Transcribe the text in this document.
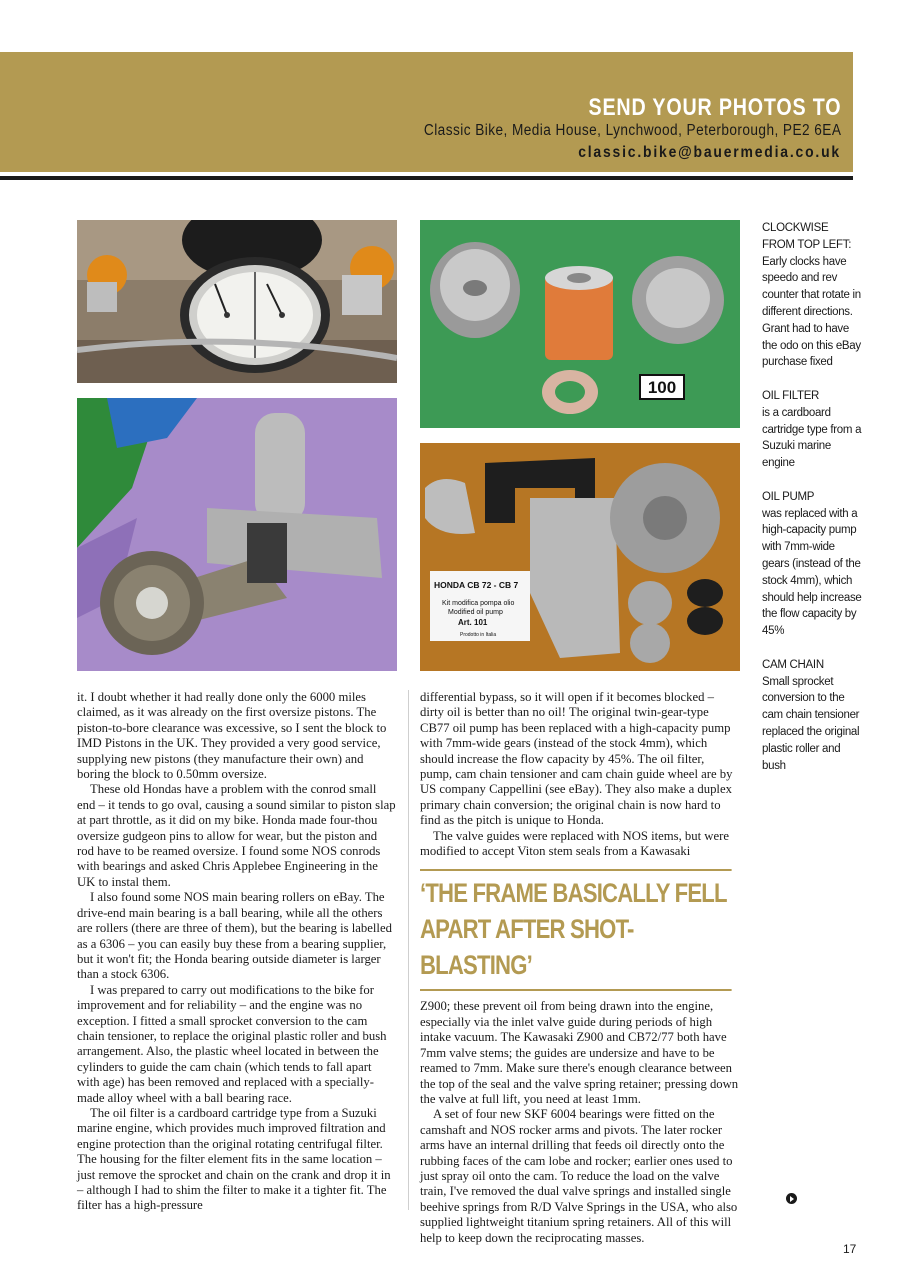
SEND YOUR PHOTOS TO
Classic Bike, Media House, Lynchwood, Peterborough, PE2 6EA
classic.bike@bauermedia.co.uk
100
HONDA CB 72 - CB 7
Kit modifica pompa olio
Modified oil pump
Art. 101
Prodotto in Italia
CLOCKWISE FROM TOP LEFT:
Early clocks have speedo and rev counter that rotate in different directions. Grant had to have the odo on this eBay purchase fixed
OIL FILTER
is a cardboard cartridge type from a Suzuki marine engine
OIL PUMP
was replaced with a high-capacity pump with 7mm-wide gears (instead of the stock 4mm), which should help increase the flow capacity by 45%
CAM CHAIN
Small sprocket conversion to the cam chain tensioner replaced the original plastic roller and bush

it. I doubt whether it had really done only the 6000 miles claimed, as it was already on the first oversize pistons. The piston-to-bore clearance was excessive, so I sent the block to IMD Pistons in the UK. They provided a very good service, supplying new pistons (they manufacture their own) and boring the block to 0.50mm oversize.

These old Hondas have a problem with the conrod small end – it tends to go oval, causing a sound similar to piston slap at part throttle, as it did on my bike. Honda made four-thou oversize gudgeon pins to allow for wear, but the piston and rod have to be reamed oversize. I found some NOS conrods with bearings and asked Chris Applebee Engineering in the UK to instal them.

I also found some NOS main bearing rollers on eBay. The drive-end main bearing is a ball bearing, while all the others are rollers (there are three of them), but the bearing is labelled as a 6306 – you can easily buy these from a bearing supplier, but it won't fit; the Honda bearing outside diameter is larger than a stock 6306.

I was prepared to carry out modifications to the bike for improvement and for reliability – and the engine was no exception. I fitted a small sprocket conversion to the cam chain tensioner, to replace the original plastic roller and bush arrangement. Also, the plastic wheel located in between the cylinders to guide the cam chain (which tends to fall apart with age) has been removed and replaced with a specially-made alloy wheel with a ball bearing race.

The oil filter is a cardboard cartridge type from a Suzuki marine engine, which provides much improved filtration and engine protection than the original rotating centrifugal filter. The housing for the filter element fits in the same location – just remove the sprocket and chain on the crank and drop it in – although I had to shim the filter to make it a tighter fit. The filter has a high-pressure

differential bypass, so it will open if it becomes blocked – dirty oil is better than no oil! The original twin-gear-type CB77 oil pump has been replaced with a high-capacity pump with 7mm-wide gears (instead of the stock 4mm), which should increase the flow capacity by 45%. The oil filter, pump, cam chain tensioner and cam chain guide wheel are by US company Cappellini (see eBay). They also make a duplex primary chain conversion; the original chain is now hard to find as the pitch is unique to Honda.

The valve guides were replaced with NOS items, but were modified to accept Viton stem seals from a Kawasaki

‘THE FRAME BASICALLY FELL
APART AFTER SHOT-BLASTING’

Z900; these prevent oil from being drawn into the engine, especially via the inlet valve guide during periods of high intake vacuum. The Kawasaki Z900 and CB72/77 both have 7mm valve stems; the guides are undersize and have to be reamed to 7mm. Make sure there's enough clearance between the top of the seal and the valve spring retainer; pressing down the valve at full lift, you need at least 1mm.

A set of four new SKF 6004 bearings were fitted on the camshaft and NOS rocker arms and pivots. The later rocker arms have an internal drilling that feeds oil directly onto the rubbing faces of the cam lobe and rocker; earlier ones used to just spray oil onto the cam. To reduce the load on the valve train, I've removed the dual valve springs and installed single beehive springs from R/D Valve Springs in the USA, who also supplied lightweight titanium spring retainers. All of this will help to keep down the reciprocating masses.

17
